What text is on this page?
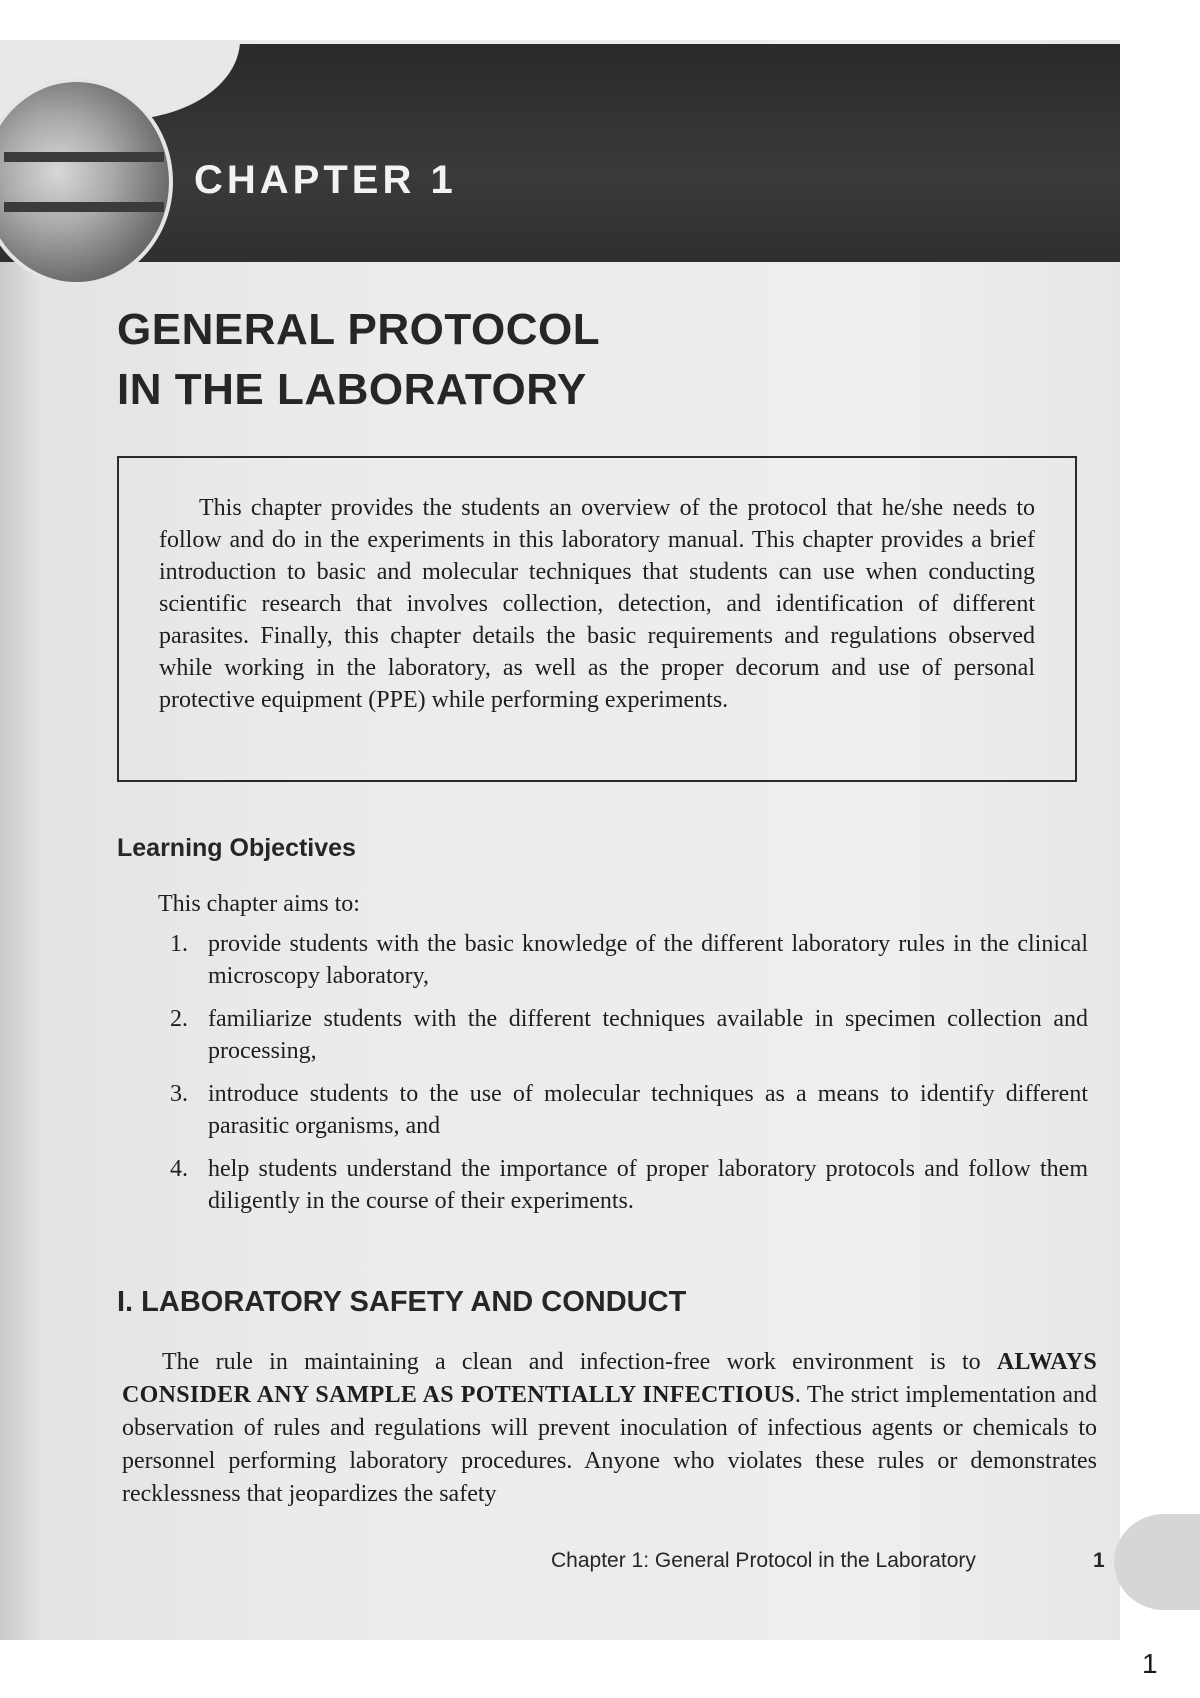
CHAPTER 1
GENERAL PROTOCOL
IN THE LABORATORY

This chapter provides the students an overview of the protocol that he/she needs to follow and do in the experiments in this laboratory manual. This chapter provides a brief introduction to basic and molecular techniques that students can use when conducting scientific research that involves collection, detection, and identification of different parasites. Finally, this chapter details the basic requirements and regulations observed while working in the laboratory, as well as the proper decorum and use of personal protective equipment (PPE) while performing experiments.

Learning Objectives

This chapter aims to:

1. provide students with the basic knowledge of the different laboratory rules in the clinical microscopy laboratory,
2. familiarize students with the different techniques available in specimen collection and processing,
3. introduce students to the use of molecular techniques as a means to identify different parasitic organisms, and
4. help students understand the importance of proper laboratory protocols and follow them diligently in the course of their experiments.
I. LABORATORY SAFETY AND CONDUCT

The rule in maintaining a clean and infection-free work environment is to ALWAYS CONSIDER ANY SAMPLE AS POTENTIALLY INFECTIOUS. The strict implementation and observation of rules and regulations will prevent inoculation of infectious agents or chemicals to personnel performing laboratory procedures. Anyone who violates these rules or demonstrates recklessness that jeopardizes the safety

Chapter 1: General Protocol in the Laboratory	1
1
